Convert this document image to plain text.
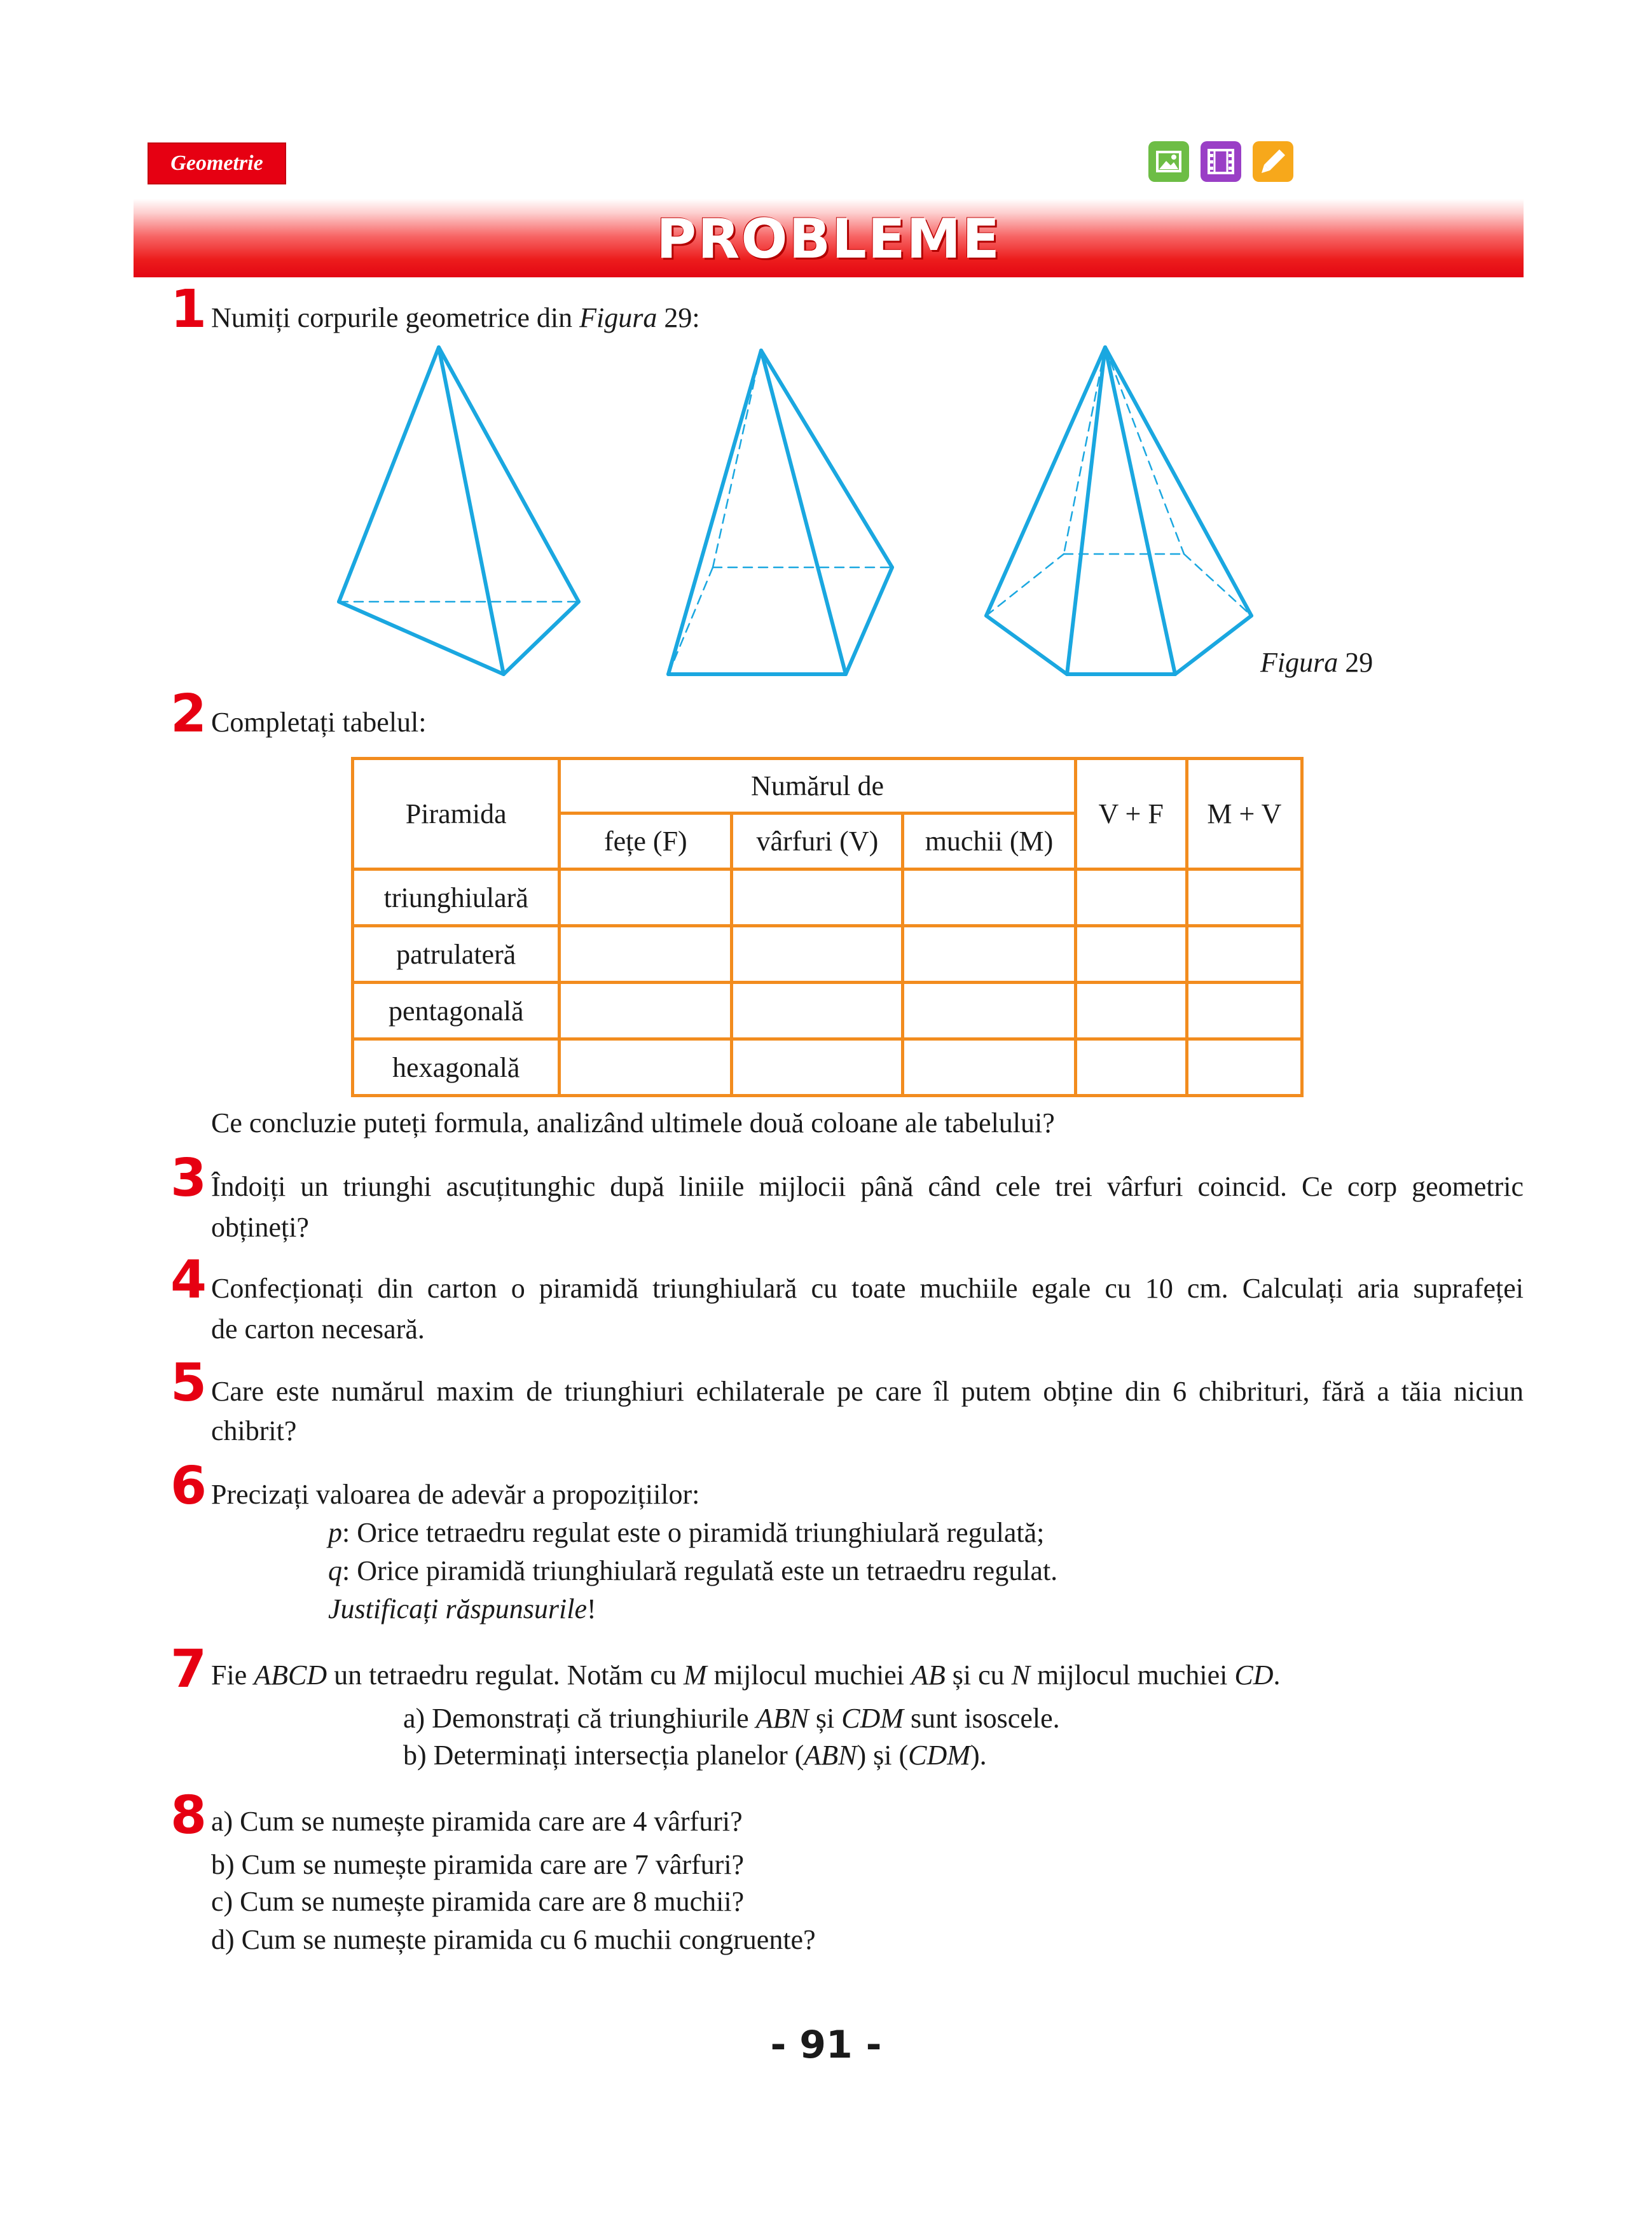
Geometrie
PROBLEME
1 Numiți corpurile geometrice din Figura 29:
Figura 29
2 Completați tabelul:
Piramida	Numărul de			V + F	M + V
	fețe (F)	vârfuri (V)	muchii (M)		
triunghiulară					
patrulateră					
pentagonală					
hexagonală					
Ce concluzie puteți formula, analizând ultimele două coloane ale tabelului?
3 Îndoiți un triunghi ascuțitunghic după liniile mijlocii până când cele trei vârfuri coincid. Ce corp geometric
obțineți?
4 Confecționați din carton o piramidă triunghiulară cu toate muchiile egale cu 10 cm. Calculați aria suprafeței
de carton necesară.
5 Care este numărul maxim de triunghiuri echilaterale pe care îl putem obține din 6 chibrituri, fără a tăia niciun
chibrit?
6 Precizați valoarea de adevăr a propozițiilor:
p: Orice tetraedru regulat este o piramidă triunghiulară regulată;
q: Orice piramidă triunghiulară regulată este un tetraedru regulat.
Justificați răspunsurile!
7 Fie ABCD un tetraedru regulat. Notăm cu M mijlocul muchiei AB și cu N mijlocul muchiei CD.
a) Demonstrați că triunghiurile ABN și CDM sunt isoscele.
b) Determinați intersecția planelor (ABN) și (CDM).
8 a) Cum se numește piramida care are 4 vârfuri?
b) Cum se numește piramida care are 7 vârfuri?
c) Cum se numește piramida care are 8 muchii?
d) Cum se numește piramida cu 6 muchii congruente?
- 91 -
